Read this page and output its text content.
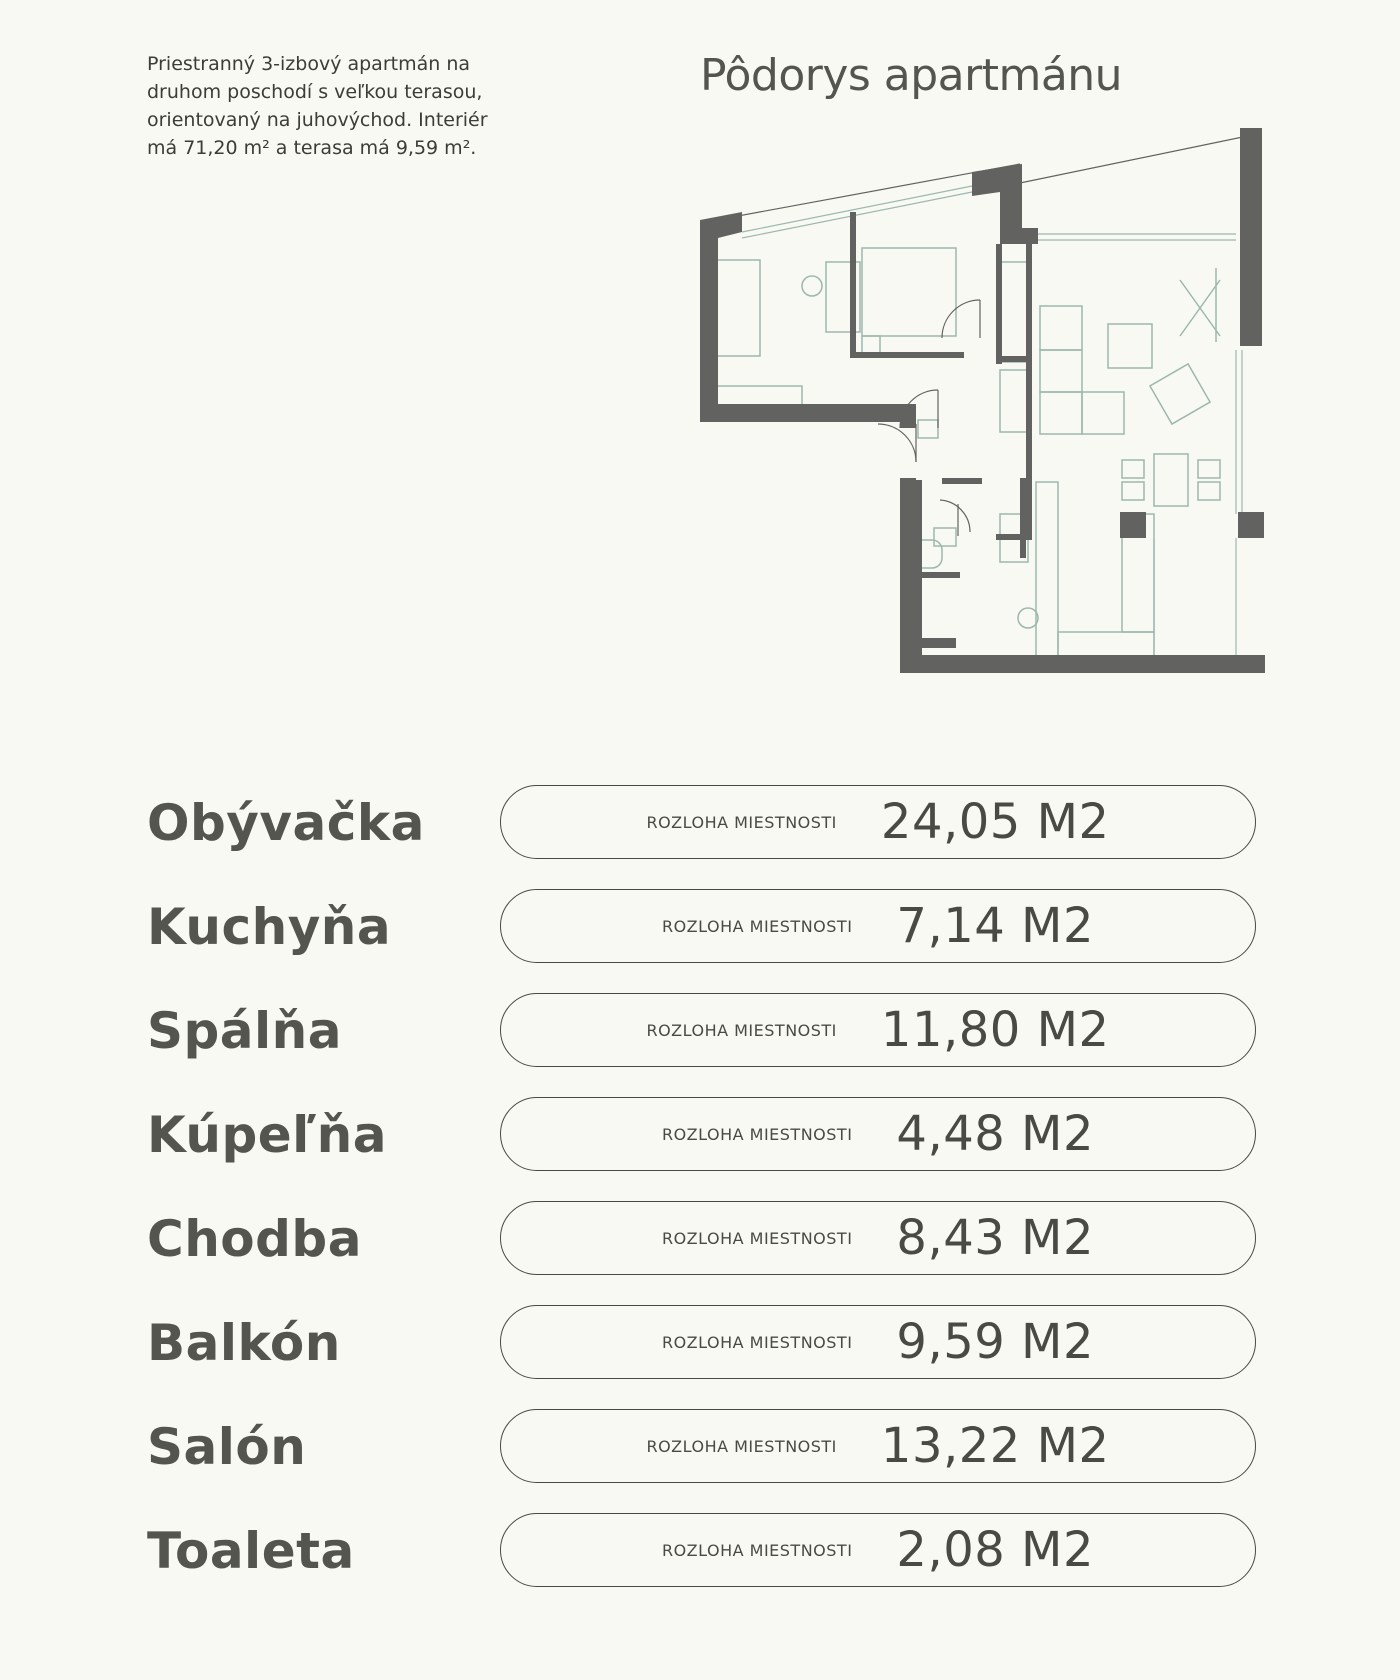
Priestranný 3-izbový apartmán na druhom poschodí s veľkou terasou, orientovaný na juhovýchod. Interiér má 71,20 m² a terasa má 9,59 m².

Pôdorys apartmánu
Obývačka	ROZLOHA MIESTNOSTI 24,05 M2
Kuchyňa	ROZLOHA MIESTNOSTI 7,14 M2
Spálňa	ROZLOHA MIESTNOSTI 11,80 M2
Kúpeľňa	ROZLOHA MIESTNOSTI 4,48 M2
Chodba	ROZLOHA MIESTNOSTI 8,43 M2
Balkón	ROZLOHA MIESTNOSTI 9,59 M2
Salón	ROZLOHA MIESTNOSTI 13,22 M2
Toaleta	ROZLOHA MIESTNOSTI 2,08 M2
